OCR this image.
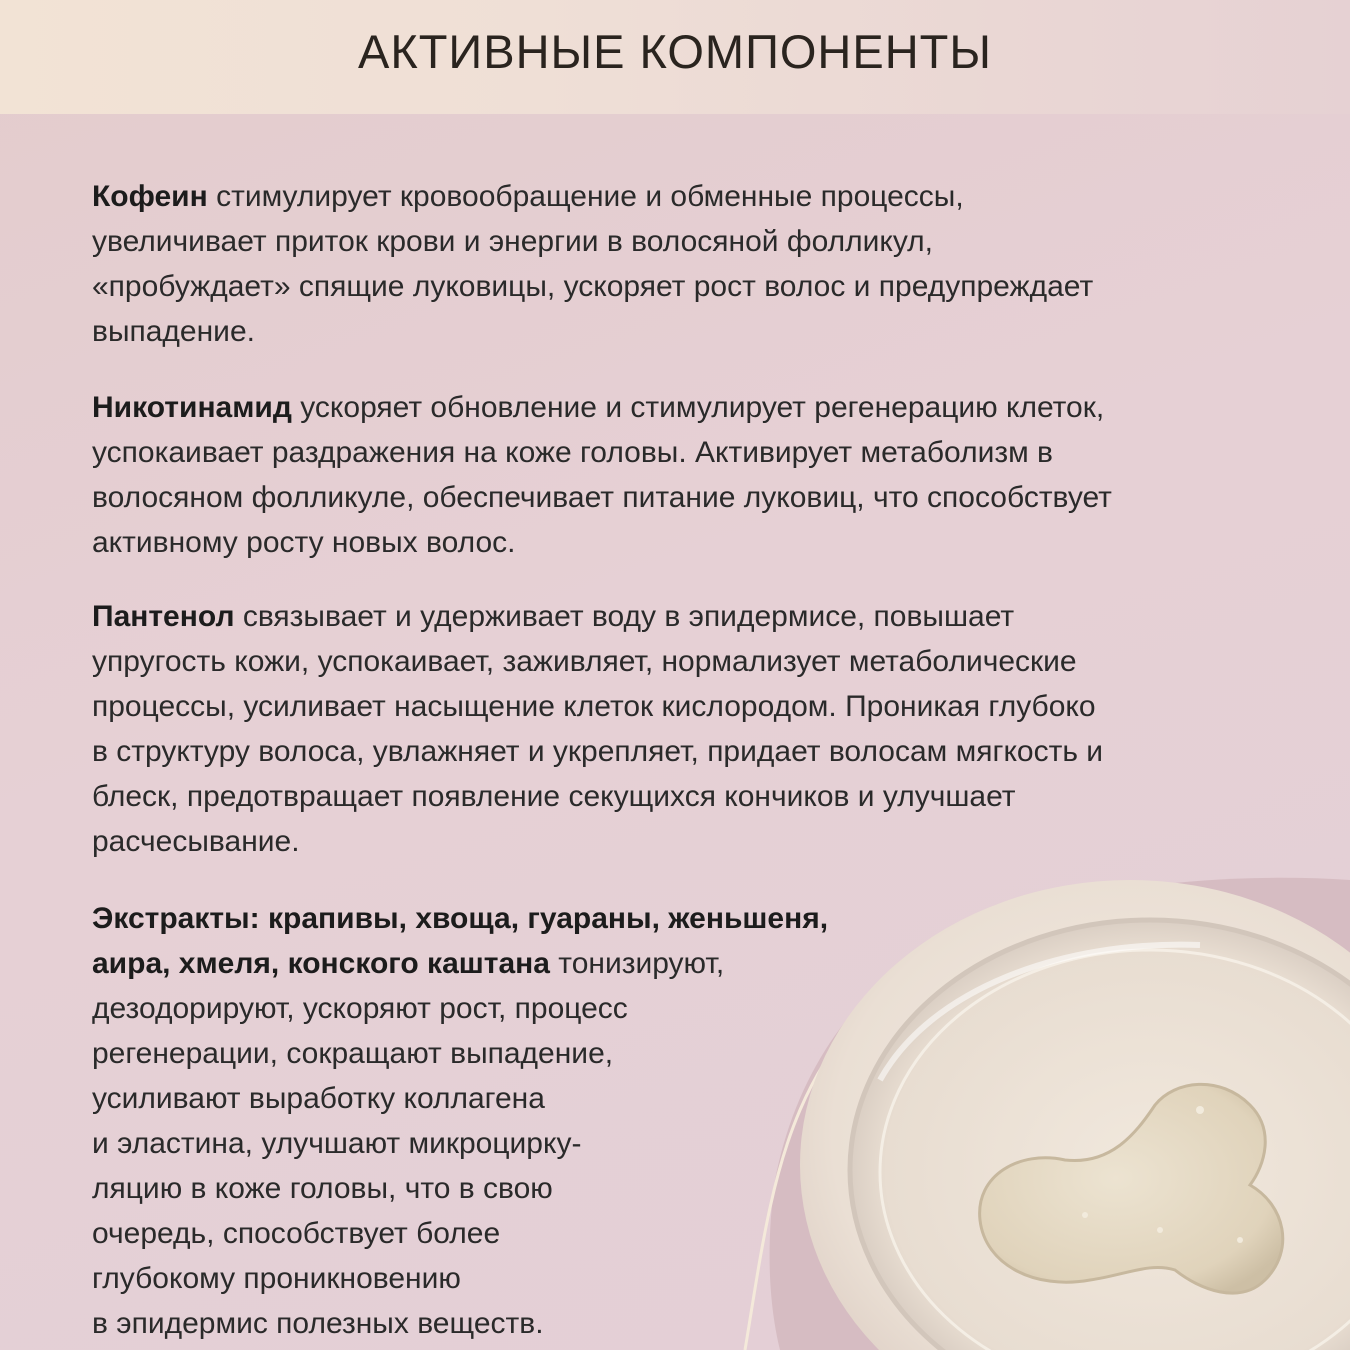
АКТИВНЫЕ КОМПОНЕНТЫ

Кофеин стимулирует кровообращение и обменные процессы,
увеличивает приток крови и энергии в волосяной фолликул,
«пробуждает» спящие луковицы, ускоряет рост волос и предупреждает
выпадение.

Никотинамид ускоряет обновление и стимулирует регенерацию клеток,
успокаивает раздражения на коже головы. Активирует метаболизм в
волосяном фолликуле, обеспечивает питание луковиц, что способствует
активному росту новых волос.

Пантенол связывает и удерживает воду в эпидермисе, повышает
упругость кожи, успокаивает, заживляет, нормализует метаболические
процессы, усиливает насыщение клеток кислородом. Проникая глубоко
в структуру волоса, увлажняет и укрепляет, придает волосам мягкость и
блеск, предотвращает появление секущихся кончиков и улучшает
расчесывание.

Экстракты: крапивы, хвоща, гуараны, женьшеня,
аира, хмеля, конского каштана тонизируют,
дезодорируют, ускоряют рост, процесс
регенерации, сокращают выпадение,
усиливают выработку коллагена
и эластина, улучшают микроцирку-
ляцию в коже головы, что в свою
очередь, способствует более
глубокому проникновению
в эпидермис полезных веществ.
